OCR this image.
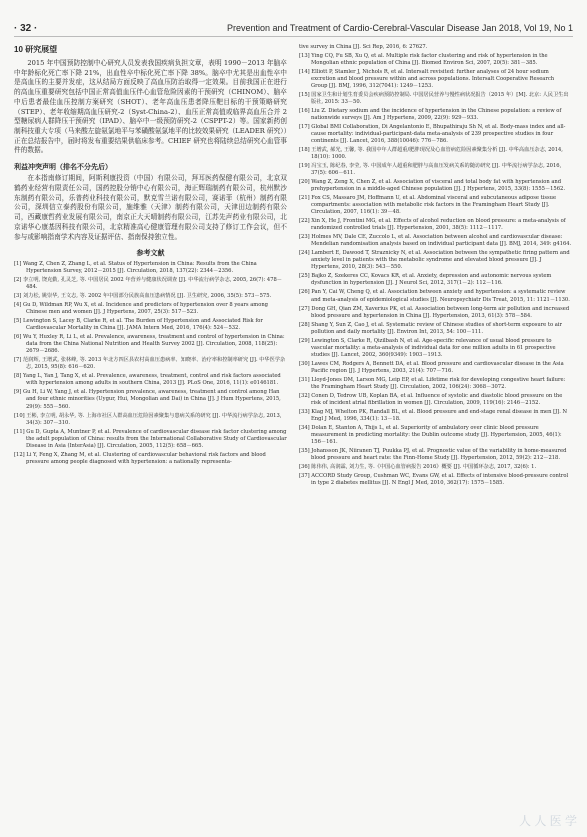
· 32 ·	Prevention and Treatment of Cardio-Cerebral-Vascular Disease Jan 2018, Vol 19, No 1
10 研究展望

2015 年中国预防控制中心研究人员发表我国疾病负担文章，表明 1990－2013 年脑卒中年龄标化死亡率下降 21%，出血性卒中标化死亡率下降 38%。脑卒中尤其是出血性卒中是高血压的主要并发症，这从结局方面反映了高血压防治取得一定效果。目前我国正在进行的高血压重要研究包括中国正常高值血压伴心血管危险因素的干预研究（CHINOM）、脑卒中后患者最佳血压控制方案研究（SHOT）、老年高血压患者降压靶目标的干预策略研究（STEP）、老年收缩期高血压研究-2（Syst-China-2）、血压正常高值或临界高血压合并 2 型糖尿病人群降压干预研究（IPAD）、脑卒中一级预防研究-2（CSPPT-2）等。国家新药创制科技重大专项（马来酸左旋氨氯地平与苯磺酸氨氯地平的比较效果研究（LEADER 研究））正在总结报告中，届时将发布重要结果供临床参考。CHIEF 研究也将陆续总结研究心血管事件的数据。

利益冲突声明（排名不分先后）

在本指南修订期间，阿斯利康投资（中国）有限公司，拜耳医药保健有限公司，北京双鹤药业经营有限责任公司，国药控股分销中心有限公司，海正辉瑞制药有限公司，杭州默沙东制药有限公司，乐普药业科技有限公司，默克雪兰诺有限公司，赛诺菲（杭州）制药有限公司，深圳信立泰药股份有限公司，施维雅（天津）制药有限公司，天津田边制药有限公司，西藏康哲药业发展有限公司，南京正大天晴制药有限公司，江苏先声药业有限公司，北京诺华心康基因科技有限公司，北京精准高心健康管理有限公司支持了修订工作会议，但不参与或影响指南学术内容及证据评估、指南保持独立性。

参考文献

[1] Wang Z, Chen Z, Zhang L, et al. Status of Hypertension in China: Results from the China Hypertension Survey, 2012－2015 [J]. Circulation, 2018, 137(22): 2344－2356.

[2] 李立明, 饶克勤, 孔灵芝, 等. 中国居民 2002 年营养与健康状况调查 [J]. 中华流行病学杂志, 2005, 26(7): 478－484.

[3] 刘力松, 姚崇华, 王文志, 等. 2002 年中国部分民族高血压患病情况 [J]. 卫生研究, 2006, 35(5): 573－575.

[4] Gu D, Wildman RP, Wu X, et al. Incidence and predictors of hypertension over 8 years among Chinese men and women [J]. J Hypertens, 2007, 25(3): 517－523.

[5] Lewington S, Lacey B, Clarke R, et al. The Burden of Hypertension and Associated Risk for Cardiovascular Mortality in China [J]. JAMA Intern Med, 2016, 176(4): 524－532.

[6] Wu Y, Huxley R, Li L, et al. Prevalence, awareness, treatment and control of hypertension in China: data from the China National Nutrition and Health Survey 2002 [J]. Circulation, 2008, 118(25): 2679－2686.

[7] 范润辉, 王增武, 张林峰, 等. 2013 年北方四区县农村高血压患病率、知晓率、治疗率和控制率研究 [J]. 中华医学杂志, 2015, 95(8): 616－620.

[8] Yang L, Yan J, Tang X, et al. Prevalence, awareness, treatment, control and risk factors associated with hypertension among adults in southern China, 2013 [J]. PLoS One, 2016, 11(1): e0146181.

[9] Gu H, Li W, Yang J, et al. Hypertension prevalence, awareness, treatment and control among Han and four ethnic minorities (Uygur, Hui, Mongolian and Dai) in China [J]. J Hum Hypertens, 2015, 29(9): 555－560.

[10] 王彬, 李立明, 胡永华, 等. 上海市社区人群高血压危险因素聚集与患病关系的研究 [J]. 中华流行病学杂志, 2013, 34(3): 307－310.

[11] Gu D, Gupta A, Muntner P, et al. Prevalence of cardiovascular disease risk factor clustering among the adult population of China: results from the International Collaborative Study of Cardiovascular Disease in Asia (InterAsia) [J]. Circulation, 2005, 112(5): 658－665.

[12] Li Y, Feng X, Zhang M, et al. Clustering of cardiovascular behavioral risk factors and blood pressure among people diagnosed with hypertension: a nationally representa-

tive survey in China [J]. Sci Rep, 2016, 6: 27627.

[13] Ying CQ, Fu SB, Xu Q, et al. Multiple risk factor clustering and risk of hypertension in the Mongolian ethnic population of China [J]. Biomed Environ Sci, 2007, 20(5): 381－385.

[14] Elliott P, Stamler J, Nichols R, et al. Intersalt revisited: further analyses of 24 hour sodium excretion and blood pressure within and across populations. Intersalt Cooperative Research Group [J]. BMJ, 1996, 312(7041): 1249－1253.

[15] 国家卫生和计划生育委员会疾病预防控制局. 中国居民营养与慢性病状况报告（2015 年）[M]. 北京: 人民卫生出版社, 2015: 33－50.

[16] Liu Z. Dietary sodium and the incidence of hypertension in the Chinese population: a review of nationwide surveys [J]. Am J Hypertens, 2009, 22(9): 929－933.

[17] Global BMI Collaboration, Di Angelantonio E, Bhupathiraju Sh N, et al. Body-mass index and all-cause mortality: individual-participant-data meta-analysis of 239 prospective studies in four continents [J]. Lancet, 2016, 388(10046): 776－786.

[18] 王增武, 郝光, 王馨, 等. 我国中年人群超重/肥胖现况及心血管病危险因素聚集分析 [J]. 中华高血压杂志, 2014, 18(10): 1000.

[19] 冯宝玉, 陈纪春, 李莹, 等. 中国成年人超重和肥胖与高血压发病关系的随访研究 [J]. 中华流行病学杂志, 2016, 37(5): 606－611.

[20] Wang Z, Zeng X, Chen Z, et al. Association of visceral and total body fat with hypertension and prehypertension in a middle-aged Chinese population [J]. J Hypertens, 2015, 33(8): 1555－1562.

[21] Fox CS, Massaro JM, Hoffmann U, et al. Abdominal visceral and subcutaneous adipose tissue compartments: association with metabolic risk factors in the Framingham Heart Study [J]. Circulation, 2007, 116(1): 39－48.

[22] Xin X, He J, Frontini MG, et al. Effects of alcohol reduction on blood pressure: a meta-analysis of randomized controlled trials [J]. Hypertension, 2001, 38(5): 1112－1117.

[23] Holmes MV, Dale CE, Zuccolo L, et al. Association between alcohol and cardiovascular disease: Mendelian randomisation analysis based on individual participant data [J]. BMJ, 2014, 349: g4164.

[24] Lambert E, Dawood T, Straznicky N, et al. Association between the sympathetic firing pattern and anxiety level in patients with the metabolic syndrome and elevated blood pressure [J]. J Hypertens, 2010, 28(3): 543－550.

[25] Bajko Z, Szekeres CC, Kovacs KR, et al. Anxiety, depression and autonomic nervous system dysfunction in hypertension [J]. J Neurol Sci, 2012, 317(1－2): 112－116.

[26] Pan Y, Cai W, Cheng Q, et al. Association between anxiety and hypertension: a systematic review and meta-analysis of epidemiological studies [J]. Neuropsychiatr Dis Treat, 2015, 11: 1121－1130.

[27] Dong GH, Qian ZM, Xaverius PK, et al. Association between long-term air pollution and increased blood pressure and hypertension in China [J]. Hypertension, 2013, 61(3): 578－584.

[28] Shang Y, Sun Z, Cao J, et al. Systematic review of Chinese studies of short-term exposure to air pollution and daily mortality [J]. Environ Int, 2013, 54: 100－111.

[29] Lewington S, Clarke R, Qizilbash N, et al. Age-specific relevance of usual blood pressure to vascular mortality: a meta-analysis of individual data for one million adults in 61 prospective studies [J]. Lancet, 2002, 360(9349): 1903－1913.

[30] Lawes CM, Rodgers A, Bennett DA, et al. Blood pressure and cardiovascular disease in the Asia Pacific region [J]. J Hypertens, 2003, 21(4): 707－716.

[31] Lloyd-Jones DM, Larson MG, Leip EP, et al. Lifetime risk for developing congestive heart failure: the Framingham Heart Study [J]. Circulation, 2002, 106(24): 3068－3072.

[32] Conen D, Tedrow UB, Koplan BA, et al. Influence of systolic and diastolic blood pressure on the risk of incident atrial fibrillation in women [J]. Circulation, 2009, 119(16): 2146－2152.

[33] Klag MJ, Whelton PK, Randall BL, et al. Blood pressure and end-stage renal disease in men [J]. N Engl J Med, 1996, 334(1): 13－18.

[34] Dolan E, Stanton A, Thijs L, et al. Superiority of ambulatory over clinic blood pressure measurement in predicting mortality: the Dublin outcome study [J]. Hypertension, 2005, 46(1): 156－161.

[35] Johansson JK, Niiranen TJ, Puukka PJ, et al. Prognostic value of the variability in home-measured blood pressure and heart rate: the Finn-Home Study [J]. Hypertension, 2012, 59(2): 212－218.

[36] 陈伟伟, 高润霖, 刘力生, 等.《中国心血管病报告 2016》概要 [J]. 中国循环杂志, 2017, 32(6): 1.

[37] ACCORD Study Group, Cushman WC, Evans GW, et al. Effects of intensive blood-pressure control in type 2 diabetes mellitus [J]. N Engl J Med, 2010, 362(17): 1575－1585.

人 人 医 学
